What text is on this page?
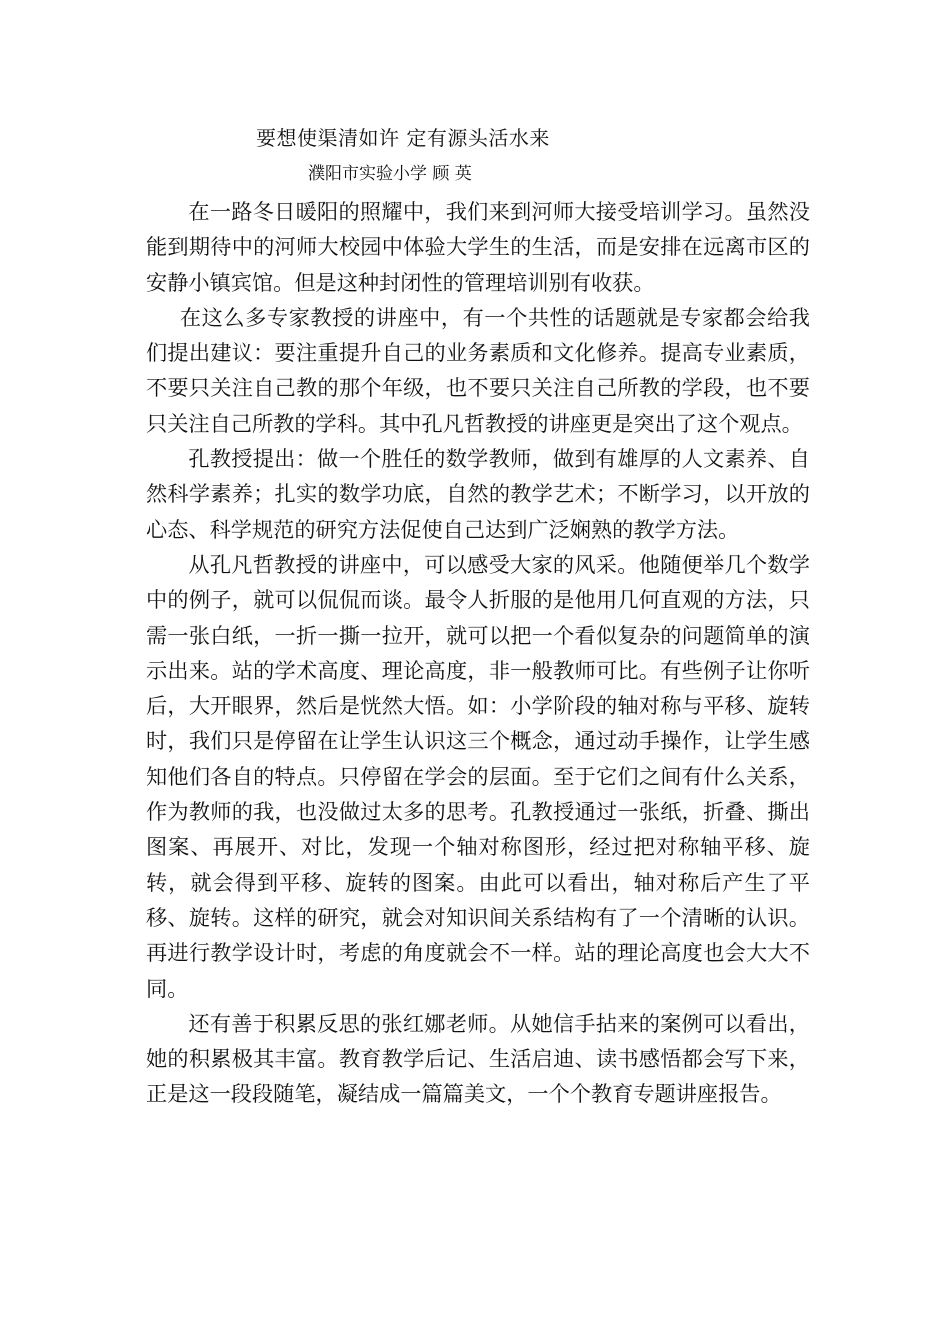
要想使渠清如许 定有源头活水来
濮阳市实验小学 顾 英

在一路冬日暖阳的照耀中，我们来到河师大接受培训学习。虽然没能到期待中的河师大校园中体验大学生的生活，而是安排在远离市区的安静小镇宾馆。但是这种封闭性的管理培训别有收获。

在这么多专家教授的讲座中，有一个共性的话题就是专家都会给我们提出建议：要注重提升自己的业务素质和文化修养。提高专业素质，不要只关注自己教的那个年级，也不要只关注自己所教的学段，也不要只关注自己所教的学科。其中孔凡哲教授的讲座更是突出了这个观点。

孔教授提出：做一个胜任的数学教师，做到有雄厚的人文素养、自然科学素养；扎实的数学功底，自然的教学艺术；不断学习，以开放的心态、科学规范的研究方法促使自己达到广泛娴熟的教学方法。

从孔凡哲教授的讲座中，可以感受大家的风采。他随便举几个数学中的例子，就可以侃侃而谈。最令人折服的是他用几何直观的方法，只需一张白纸，一折一撕一拉开，就可以把一个看似复杂的问题简单的演示出来。站的学术高度、理论高度，非一般教师可比。有些例子让你听后，大开眼界，然后是恍然大悟。如：小学阶段的轴对称与平移、旋转时，我们只是停留在让学生认识这三个概念，通过动手操作，让学生感知他们各自的特点。只停留在学会的层面。至于它们之间有什么关系，作为教师的我，也没做过太多的思考。孔教授通过一张纸，折叠、撕出图案、再展开、对比，发现一个轴对称图形，经过把对称轴平移、旋转，就会得到平移、旋转的图案。由此可以看出，轴对称后产生了平移、旋转。这样的研究，就会对知识间关系结构有了一个清晰的认识。再进行教学设计时，考虑的角度就会不一样。站的理论高度也会大大不同。

还有善于积累反思的张红娜老师。从她信手拈来的案例可以看出，她的积累极其丰富。教育教学后记、生活启迪、读书感悟都会写下来，正是这一段段随笔，凝结成一篇篇美文，一个个教育专题讲座报告。
